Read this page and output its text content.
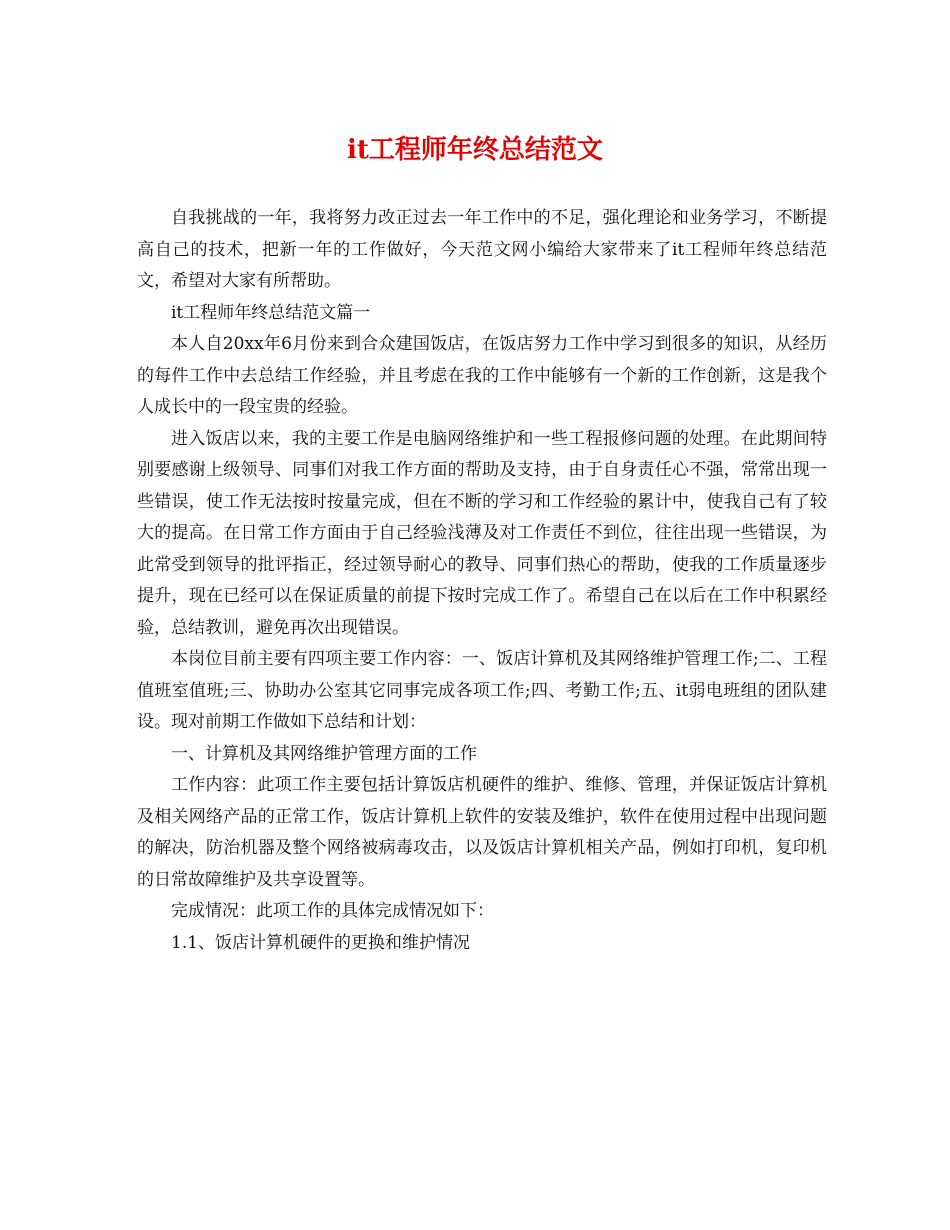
it工程师年终总结范文

自我挑战的一年，我将努力改正过去一年工作中的不足，强化理论和业务学习，不断提高自己的技术，把新一年的工作做好，今天范文网小编给大家带来了it工程师年终总结范文，希望对大家有所帮助。

it工程师年终总结范文篇一

本人自20xx年6月份来到合众建国饭店，在饭店努力工作中学习到很多的知识，从经历的每件工作中去总结工作经验，并且考虑在我的工作中能够有一个新的工作创新，这是我个人成长中的一段宝贵的经验。

进入饭店以来，我的主要工作是电脑网络维护和一些工程报修问题的处理。在此期间特别要感谢上级领导、同事们对我工作方面的帮助及支持，由于自身责任心不强，常常出现一些错误，使工作无法按时按量完成，但在不断的学习和工作经验的累计中，使我自己有了较大的提高。在日常工作方面由于自己经验浅薄及对工作责任不到位，往往出现一些错误，为此常受到领导的批评指正，经过领导耐心的教导、同事们热心的帮助，使我的工作质量逐步提升，现在已经可以在保证质量的前提下按时完成工作了。希望自己在以后在工作中积累经验，总结教训，避免再次出现错误。

本岗位目前主要有四项主要工作内容：一、饭店计算机及其网络维护管理工作;二、工程值班室值班;三、协助办公室其它同事完成各项工作;四、考勤工作;五、it弱电班组的团队建设。现对前期工作做如下总结和计划：

一、计算机及其网络维护管理方面的工作

工作内容：此项工作主要包括计算饭店机硬件的维护、维修、管理，并保证饭店计算机及相关网络产品的正常工作，饭店计算机上软件的安装及维护，软件在使用过程中出现问题的解决，防治机器及整个网络被病毒攻击，以及饭店计算机相关产品，例如打印机，复印机的日常故障维护及共享设置等。

完成情况：此项工作的具体完成情况如下：

1.1、饭店计算机硬件的更换和维护情况
